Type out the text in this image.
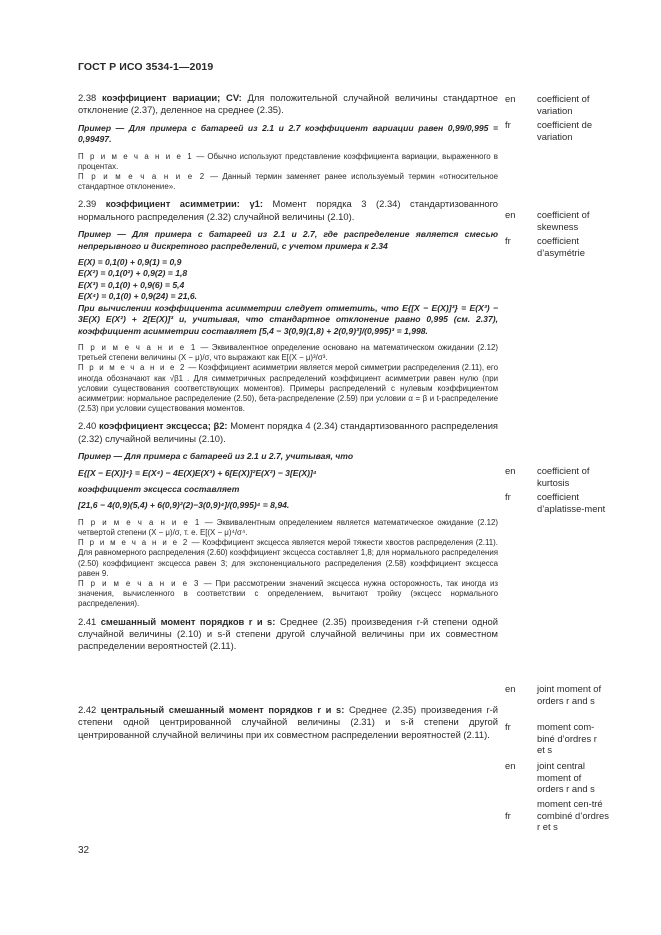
ГОСТ Р ИСО 3534-1—2019
2.38 коэффициент вариации; CV: Для положительной случайной величины стандартное отклонение (2.37), деленное на среднее (2.35).

Пример — Для примера с батареей из 2.1 и 2.7 коэффициент вариации равен 0,99/0,995 = 0,99497.

П р и м е ч а н и е 1 — Обычно используют представление коэффициента вариации, выраженного в процентах.

П р и м е ч а н и е 2 — Данный термин заменяет ранее используемый термин «относительное стандартное отклонение».

2.39 коэффициент асимметрии: γ1: Момент порядка 3 (2.34) стандартизованного нормального распределения (2.32) случайной величины (2.10).

Пример — Для примера с батареей из 2.1 и 2.7, где распределение является смесью непрерывного и дискретного распределений, с учетом примера к 2.34

E(X) = 0,1(0) + 0,9(1) = 0,9

E(X²) = 0,1(0²) + 0,9(2) = 1,8

E(X³) = 0,1(0) + 0,9(6) = 5,4

E(X⁴) = 0,1(0) + 0,9(24) = 21,6.

При вычислении коэффициента асимметрии следует отметить, что E{[X − E(X)]³} = E(X³) − 3E(X) E(X²) + 2[E(X)]³ и, учитывая, что стандартное отклонение равно 0,995 (см. 2.37), коэффициент асимметрии составляет [5,4 − 3(0,9)(1,8) + 2(0,9)³]/(0,995)³ = 1,998.

П р и м е ч а н и е 1 — Эквивалентное определение основано на математическом ожидании (2.12) третьей степени величины (X − μ)/σ, что выражают как E[(X − μ)³/σ³.

П р и м е ч а н и е 2 — Коэффициент асимметрии является мерой симметрии распределения (2.11), его иногда обозначают как √β1 . Для симметричных распределений коэффициент асимметрии равен нулю (при условии существования соответствующих моментов). Примеры распределений с нулевым коэффициентом асимметрии: нормальное распределение (2.50), бета-распределение (2.59) при условии α = β и t-распределение (2.53) при условии существования моментов.

2.40 коэффициент эксцесса; β2: Момент порядка 4 (2.34) стандартизованного распределения (2.32) случайной величины (2.10).

Пример — Для примера с батареей из 2.1 и 2.7, учитывая, что

E{[X − E(X)]⁴} = E(X⁴) − 4E(X)E(X³) + 6[E(X)]²E(X²) − 3[E(X)]⁴

коэффициент эксцесса составляет

[21,6 − 4(0,9)(5,4) + 6(0,9)²(2)−3(0,9)⁴]/(0,995)⁴ = 8,94.

П р и м е ч а н и е 1 — Эквивалентным определением является математическое ожидание (2.12) четвертой степени (X − μ)/σ, т. е. E[(X − μ)⁴/σ⁴.

П р и м е ч а н и е 2 — Коэффициент эксцесса является мерой тяжести хвостов распределения (2.11). Для равномерного распределения (2.60) коэффициент эксцесса составляет 1,8; для нормального распределения (2.50) коэффициент эксцесса равен 3; для экспоненциального распределения (2.58) коэффициент эксцесса равен 9.

П р и м е ч а н и е 3 — При рассмотрении значений эксцесса нужна осторожность, так иногда из значения, вычисленного в соответствии с определением, вычитают тройку (эксцесс нормального распределения).

2.41 смешанный момент порядков r и s: Среднее (2.35) произведения r-й степени одной случайной величины (2.10) и s-й степени другой случайной величины при их совместном распределении вероятностей (2.11).
2.42 центральный смешанный момент порядков r и s: Среднее (2.35) произведения r-й степени одной центрированной случайной величины (2.31) и s-й степени другой центрированной случайной величины при их совместном распределении вероятностей (2.11).
en coefficient of variation
fr	coefficient de variation
en coefficient of skewness
fr	coefficient d’asymétrie
en coefficient of kurtosis
fr	coefficient d’aplatisse-ment
en joint moment of orders r and s
fr	moment com-biné d’ordres r et s
en joint central moment of orders r and s
fr
moment cen-tré combiné d’ordres r et s
32
